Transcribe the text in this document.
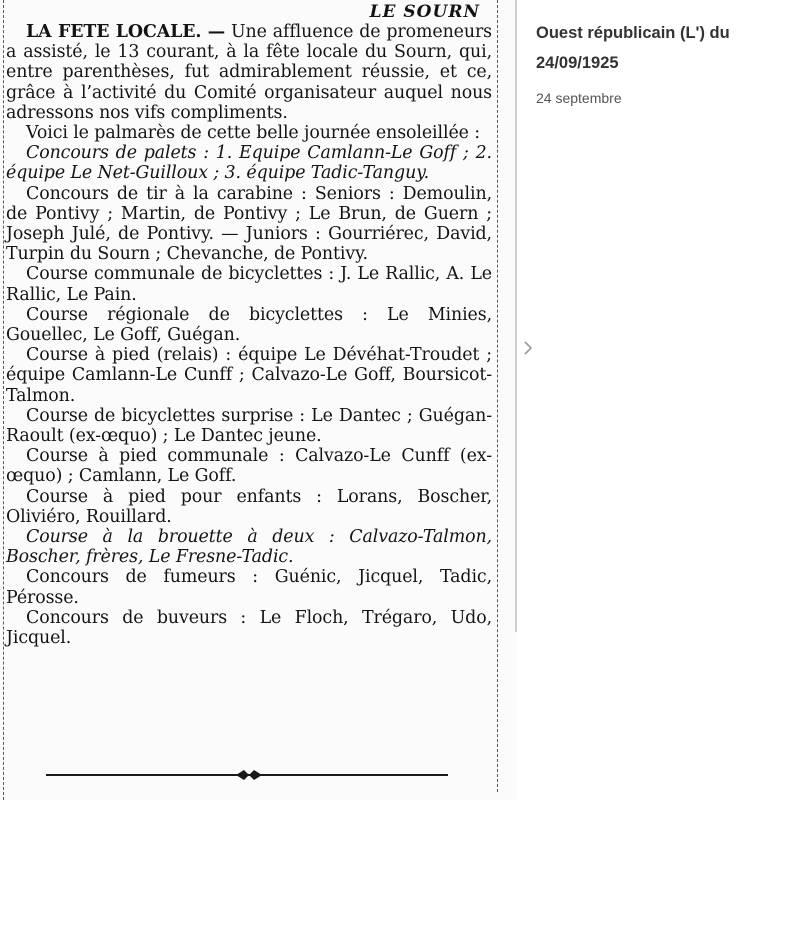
LE SOURN

LA FETE LOCALE. — Une affluence de promeneurs a assisté, le 13 courant, à la fête locale du Sourn, qui, entre parenthèses, fut admirablement réussie, et ce, grâce à l’activité du Comité organisateur auquel nous adressons nos vifs compliments.

Voici le palmarès de cette belle journée ensoleillée :

Concours de palets : 1. Equipe Camlann-Le Goff ; 2. équipe Le Net-Guilloux ; 3. équipe Tadic-Tanguy.

Concours de tir à la carabine : Seniors : Demoulin, de Pontivy ; Martin, de Pontivy ; Le Brun, de Guern ; Joseph Julé, de Pontivy. — Juniors : Gourriérec, David, Turpin du Sourn ; Chevanche, de Pontivy.

Course communale de bicyclettes : J. Le Rallic, A. Le Rallic, Le Pain.

Course régionale de bicyclettes : Le Minies, Gouellec, Le Goff, Guégan.

Course à pied (relais) : équipe Le Dévéhat-Troudet ; équipe Camlann-Le Cunff ; Calvazo-Le Goff, Boursicot-Talmon.

Course de bicyclettes surprise : Le Dantec ; Guégan-Raoult (ex-œquo) ; Le Dantec jeune.

Course à pied communale : Calvazo-Le Cunff (ex-œquo) ; Camlann, Le Goff.

Course à pied pour enfants : Lorans, Boscher, Oliviéro, Rouillard.

Course à la brouette à deux : Calvazo-Talmon, Boscher, frères, Le Fresne-Tadic.

Concours de fumeurs : Guénic, Jicquel, Tadic, Pérosse.

Concours de buveurs : Le Floch, Trégaro, Udo, Jicquel.

Ouest républicain (L') du 24/09/1925
24 septembre
